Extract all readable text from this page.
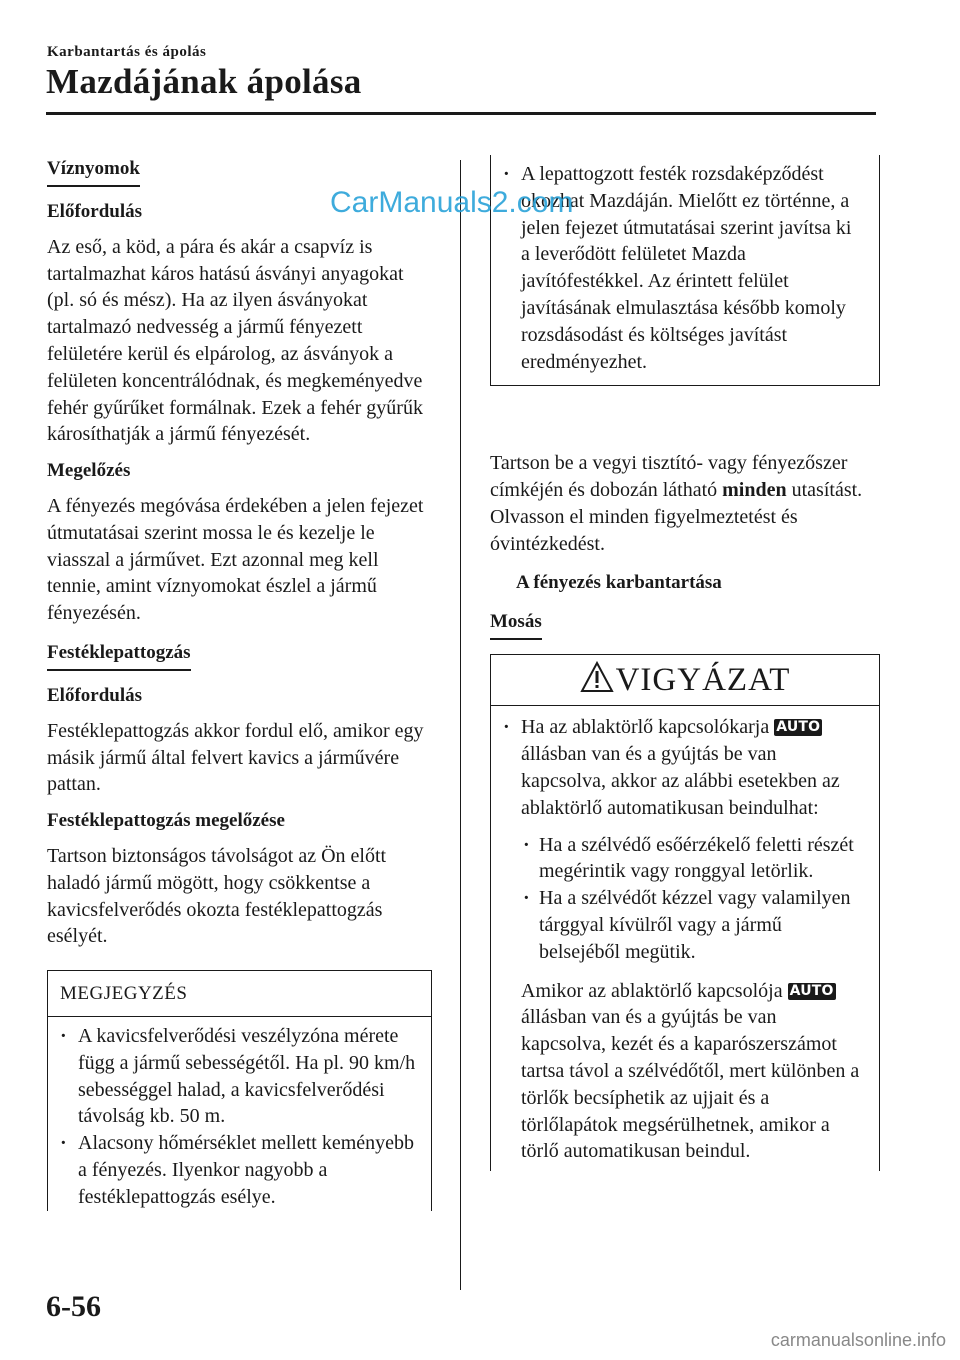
Karbantartás és ápolás
Mazdájának ápolása

Víznyomok

Előfordulás

Az eső, a köd, a pára és akár a csapvíz is tartalmazhat káros hatású ásványi anyagokat (pl. só és mész). Ha az ilyen ásványokat tartalmazó nedvesség a jármű fényezett felületére kerül és elpárolog, az ásványok a felületen koncentrálódnak, és megkeményedve fehér gyűrűket formálnak. Ezek a fehér gyűrűk károsíthatják a jármű fényezését.

Megelőzés

A fényezés megóvása érdekében a jelen fejezet útmutatásai szerint mossa le és kezelje le viasszal a járművet. Ezt azonnal meg kell tennie, amint víznyomokat észlel a jármű fényezésén.

Festéklepattogzás

Előfordulás

Festéklepattogzás akkor fordul elő, amikor egy másik jármű által felvert kavics a járművére pattan.

Festéklepattogzás megelőzése

Tartson biztonságos távolságot az Ön előtt haladó jármű mögött, hogy csökkentse a kavicsfelverődés okozta festéklepattogzás esélyét.

MEGJEGYZÉS

· A kavicsfelverődési veszélyzóna mérete függ a jármű sebességétől. Ha pl. 90 km/h sebességgel halad, a kavicsfelverődési távolság kb. 50 m.

· Alacsony hőmérséklet mellett keményebb a fényezés. Ilyenkor nagyobb a festéklepattogzás esélye.

· A lepattogzott festék rozsdaképződést okozhat Mazdáján. Mielőtt ez történne, a jelen fejezet útmutatásai szerint javítsa ki a leverődött felületet Mazda javítófestékkel. Az érintett felület javításának elmulasztása később komoly rozsdásodást és költséges javítást eredményezhet.

Tartson be a vegyi tisztító- vagy fényezőszer címkéjén és dobozán látható minden utasítást. Olvasson el minden figyelmeztetést és óvintézkedést.

A fényezés karbantartása

Mosás

VIGYÁZAT

· Ha az ablaktörlő kapcsolókarja AUTO állásban van és a gyújtás be van kapcsolva, akkor az alábbi esetekben az ablaktörlő automatikusan beindulhat:

· Ha a szélvédő esőérzékelő feletti részét megérintik vagy ronggyal letörlik.

· Ha a szélvédőt kézzel vagy valamilyen tárggyal kívülről vagy a jármű belsejéből megütik.

Amikor az ablaktörlő kapcsolója AUTO állásban van és a gyújtás be van kapcsolva, kezét és a kaparószerszámot tartsa távol a szélvédőtől, mert különben a törlők becsíphetik az ujjait és a törlőlapátok megsérülhetnek, amikor a törlő automatikusan beindul.

CarManuals2.com
6-56
carmanualsonline.info
